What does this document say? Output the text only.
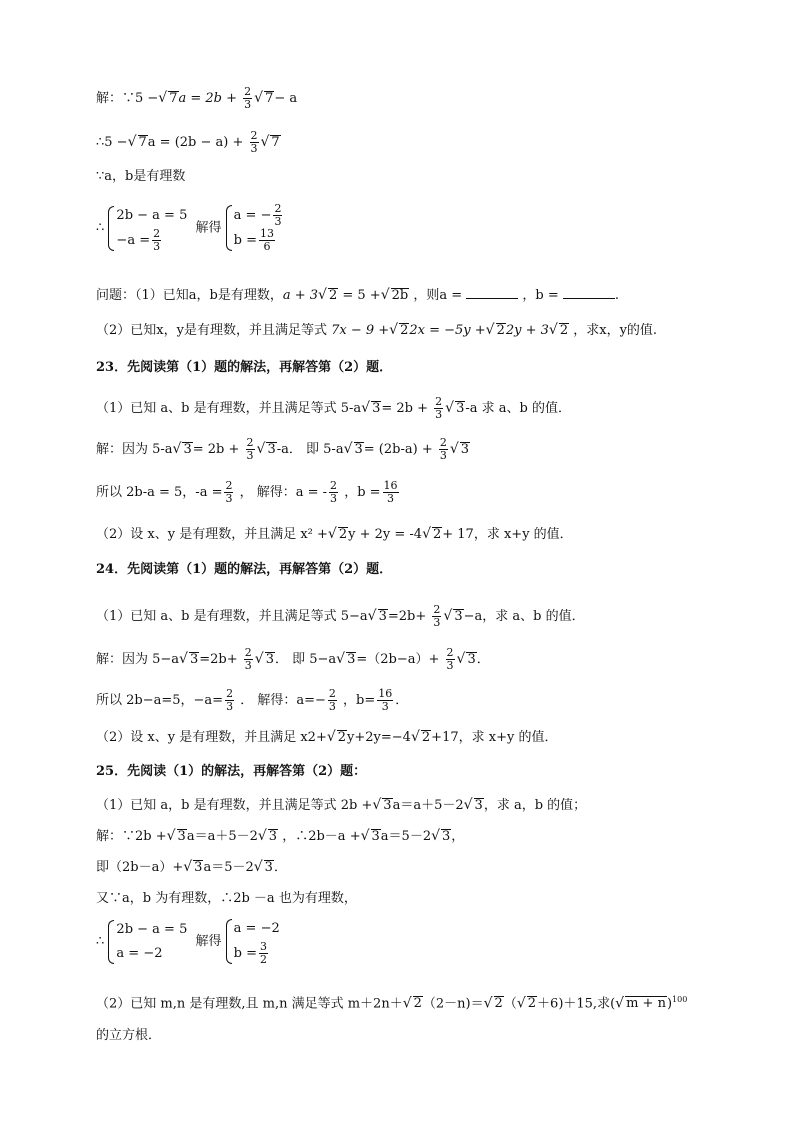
解：∵5 −√ $7a = 2b + \frac{2}{3}$ √ 7− a
∴5 −√ $7a = (2b - a) + \frac{2}{3}$ √ 7
∵a，b是有理数
∴
2b − a = 5
$-a = \frac{2}{3}$	解得
a = − $\frac{2}{3}$
$b = \frac{13}{6}$
问题：（1）已知a，b是有理数，a + 3√ 2 = 5 +√ 2b ，则a =	，b =	.
（2）已知x，y是有理数，并且满足等式 7x − 9 +√ 22x = −5y +√ 22y + 3√ 2 ，求x，y的值.
23．先阅读第（1）题的解法，再解答第（2）题．
（1）已知 a、b 是有理数，并且满足等式 5-a√ $3= 2b + \frac{2}{3}$ √ 3-a 求 a、b 的值．
解：因为 5-a√ $3= 2b + \frac{2}{3}$ √ 3-a． 即 5-a√ $3= (2b-a) + \frac{2}{3}$ √ 3
所以 2b-a = 5，$-a = \frac{2}{3}$ ， 解得：a = - $\frac{2}{3}$ ，$b = \frac{16}{3}$
（2）设 x、y 是有理数，并且满足 x² +√ 2y + 2y = -4√ 2+ 17，求 x+y 的值．
24．先阅读第（1）题的解法，再解答第（2）题．
（1）已知 a、b 是有理数，并且满足等式 5−a√ $3=2b+ \frac{2}{3}$ √ 3−a，求 a、b 的值．
解：因为 5−a√ $3=2b+ \frac{2}{3}$ √ 3． 即 5−a√ $3=(2b-a)+ \frac{2}{3}$ √ 3．
所以 2b−a=5，$-a= \frac{2}{3}$ ． 解得：$a=- \frac{2}{3}$ ，$b= \frac{16}{3}$ ．
（2）设 x、y 是有理数，并且满足 x2+√ 2y+2y=−4√ 2+17，求 x+y 的值．
25．先阅读（1）的解法，再解答第（2）题：
（1）已知 a，b 是有理数，并且满足等式 2b +√ 3a＝a＋5－2√ 3，求 a，b 的值；
解：∵2b +√ 3a＝a＋5－2√ 3 ，∴2b－a +√ 3a＝5－2√ 3，
即（2b－a）+√ 3a＝5－2√ 3．
又∵a，b 为有理数，∴2b －a 也为有理数，
∴
2b − a = 5
a = −2
解得
a = −2
$b = \frac{3}{2}$
（2）已知 m,n 是有理数,且 m,n 满足等式 m＋2n＋√ 2（2－n)＝√ 2（√ 2＋6)＋15,求(√ m + n)$^{100}$
的立方根．
